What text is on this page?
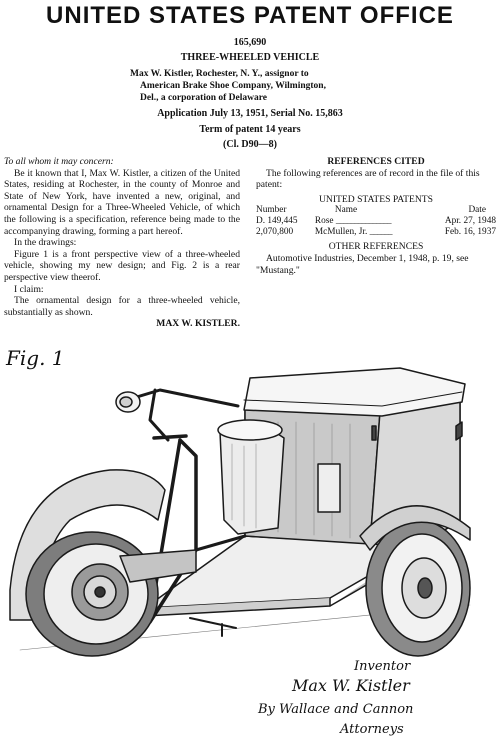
UNITED STATES PATENT OFFICE
165,690
THREE-WHEELED VEHICLE
Max W. Kistler, Rochester, N. Y., assignor to
American Brake Shoe Company, Wilmington,
Del., a corporation of Delaware
Application July 13, 1951, Serial No. 15,863
Term of patent 14 years
(Cl. D90—8)

To all whom it may concern:

Be it known that I, Max W. Kistler, a citizen of the United States, residing at Rochester, in the county of Monroe and State of New York, have invented a new, original, and ornamental Design for a Three-Wheeled Vehicle, of which the following is a specification, reference being made to the accompanying drawing, forming a part hereof.

In the drawings:

Figure 1 is a front perspective view of a three-wheeled vehicle, showing my new design; and Fig. 2 is a rear perspective view theerof.

I claim:

The ornamental design for a three-wheeled vehicle, substantially as shown.

MAX W. KISTLER.

REFERENCES CITED

The following references are of record in the file of this patent:

UNITED STATES PATENTS

Number	Name	Date
D. 149,445	Rose _______________	Apr. 27, 1948
2,070,800	McMullen, Jr. ______	Feb. 16, 1937

OTHER REFERENCES

Automotive Industries, December 1, 1948, p. 19, see "Mustang."

Fig. 1
Inventor
Max W. Kistler
By Wallace and Cannon
Attorneys
